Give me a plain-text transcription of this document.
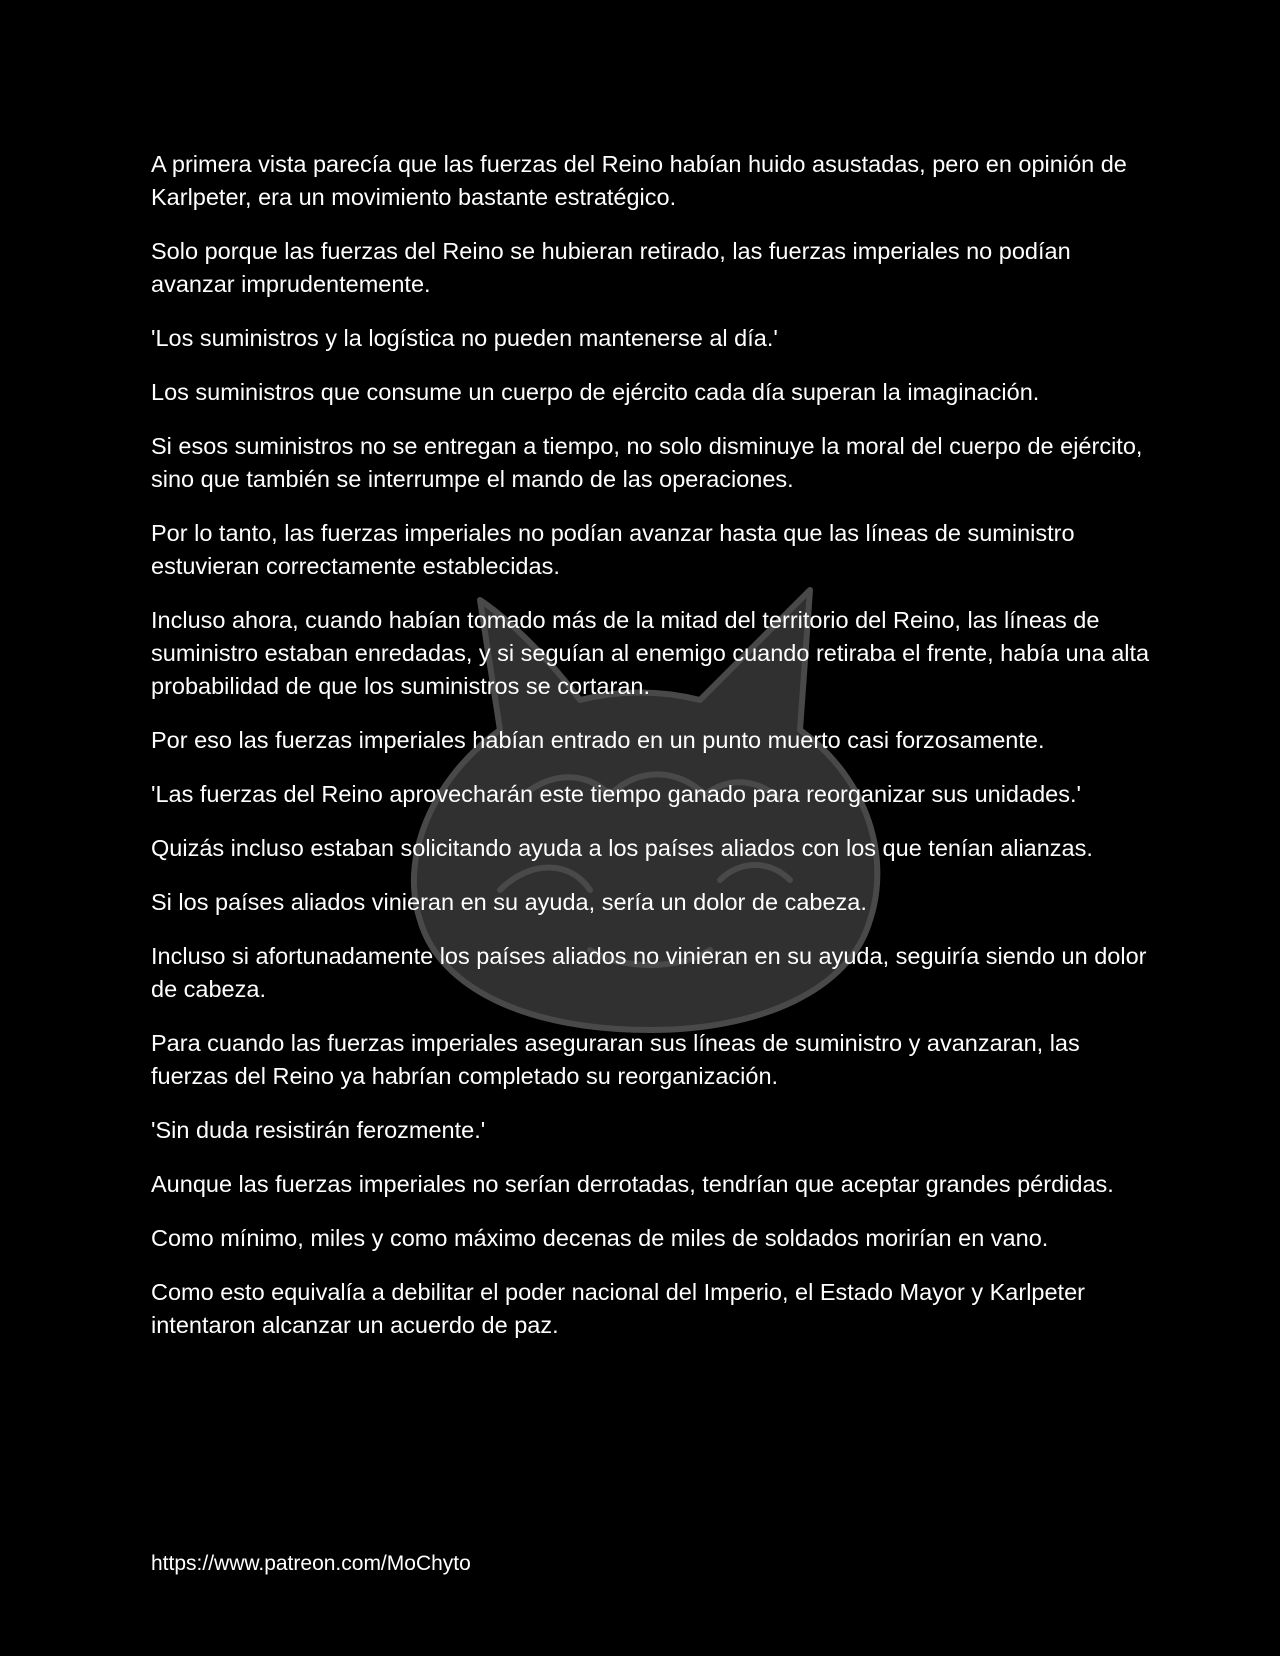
A primera vista parecía que las fuerzas del Reino habían huido asustadas, pero en opinión de Karlpeter, era un movimiento bastante estratégico.

Solo porque las fuerzas del Reino se hubieran retirado, las fuerzas imperiales no podían avanzar imprudentemente.

'Los suministros y la logística no pueden mantenerse al día.'

Los suministros que consume un cuerpo de ejército cada día superan la imaginación.

Si esos suministros no se entregan a tiempo, no solo disminuye la moral del cuerpo de ejército, sino que también se interrumpe el mando de las operaciones.

Por lo tanto, las fuerzas imperiales no podían avanzar hasta que las líneas de suministro estuvieran correctamente establecidas.

Incluso ahora, cuando habían tomado más de la mitad del territorio del Reino, las líneas de suministro estaban enredadas, y si seguían al enemigo cuando retiraba el frente, había una alta probabilidad de que los suministros se cortaran.

Por eso las fuerzas imperiales habían entrado en un punto muerto casi forzosamente.

'Las fuerzas del Reino aprovecharán este tiempo ganado para reorganizar sus unidades.'

Quizás incluso estaban solicitando ayuda a los países aliados con los que tenían alianzas.

Si los países aliados vinieran en su ayuda, sería un dolor de cabeza.

Incluso si afortunadamente los países aliados no vinieran en su ayuda, seguiría siendo un dolor de cabeza.

Para cuando las fuerzas imperiales aseguraran sus líneas de suministro y avanzaran, las fuerzas del Reino ya habrían completado su reorganización.

'Sin duda resistirán ferozmente.'

Aunque las fuerzas imperiales no serían derrotadas, tendrían que aceptar grandes pérdidas.

Como mínimo, miles y como máximo decenas de miles de soldados morirían en vano.

Como esto equivalía a debilitar el poder nacional del Imperio, el Estado Mayor y Karlpeter intentaron alcanzar un acuerdo de paz.

https://www.patreon.com/MoChyto
